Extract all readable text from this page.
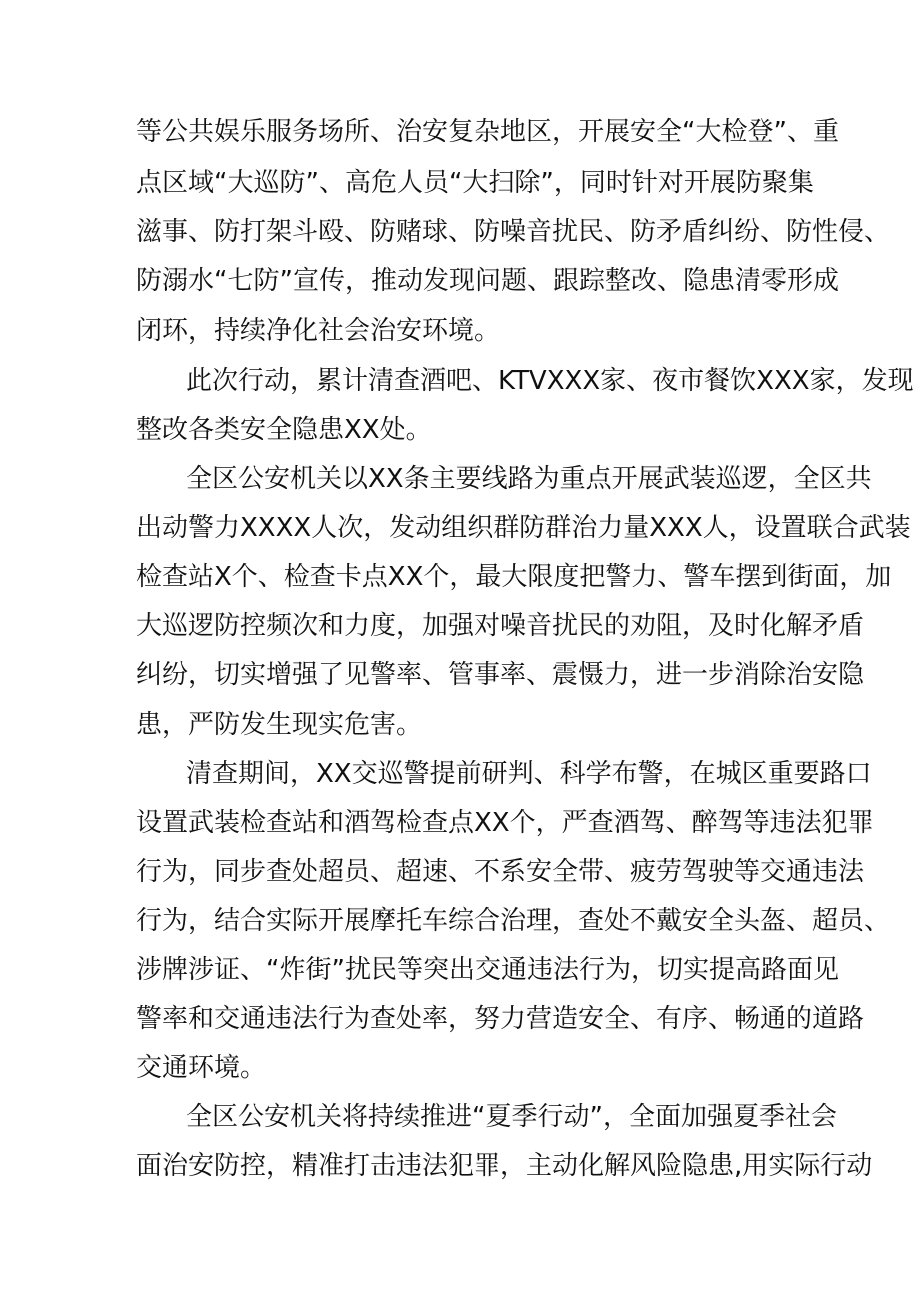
等公共娱乐服务场所、治安复杂地区，开展安全“大检登”、重
点区域“大巡防”、高危人员“大扫除”，同时针对开展防聚集
滋事、防打架斗殴、防赌球、防噪音扰民、防矛盾纠纷、防性侵、
防溺水“七防”宣传，推动发现问题、跟踪整改、隐患清零形成
闭环，持续净化社会治安环境。
此次行动，累计清查酒吧、KTVXXX家、夜市餐饮XXX家，发现
整改各类安全隐患XX处。
全区公安机关以XX条主要线路为重点开展武装巡逻，全区共
出动警力XXXX人次，发动组织群防群治力量XXX人，设置联合武装
检查站X个、检查卡点XX个，最大限度把警力、警车摆到街面，加
大巡逻防控频次和力度，加强对噪音扰民的劝阻，及时化解矛盾
纠纷，切实增强了见警率、管事率、震慑力，进一步消除治安隐
患，严防发生现实危害。
清查期间，XX交巡警提前研判、科学布警，在城区重要路口
设置武装检查站和酒驾检查点XX个，严查酒驾、醉驾等违法犯罪
行为，同步查处超员、超速、不系安全带、疲劳驾驶等交通违法
行为，结合实际开展摩托车综合治理，查处不戴安全头盔、超员、
涉牌涉证、“炸街”扰民等突出交通违法行为，切实提高路面见
警率和交通违法行为查处率，努力营造安全、有序、畅通的道路
交通环境。
全区公安机关将持续推进“夏季行动”，全面加强夏季社会
面治安防控，精准打击违法犯罪，主动化解风险隐患,用实际行动
